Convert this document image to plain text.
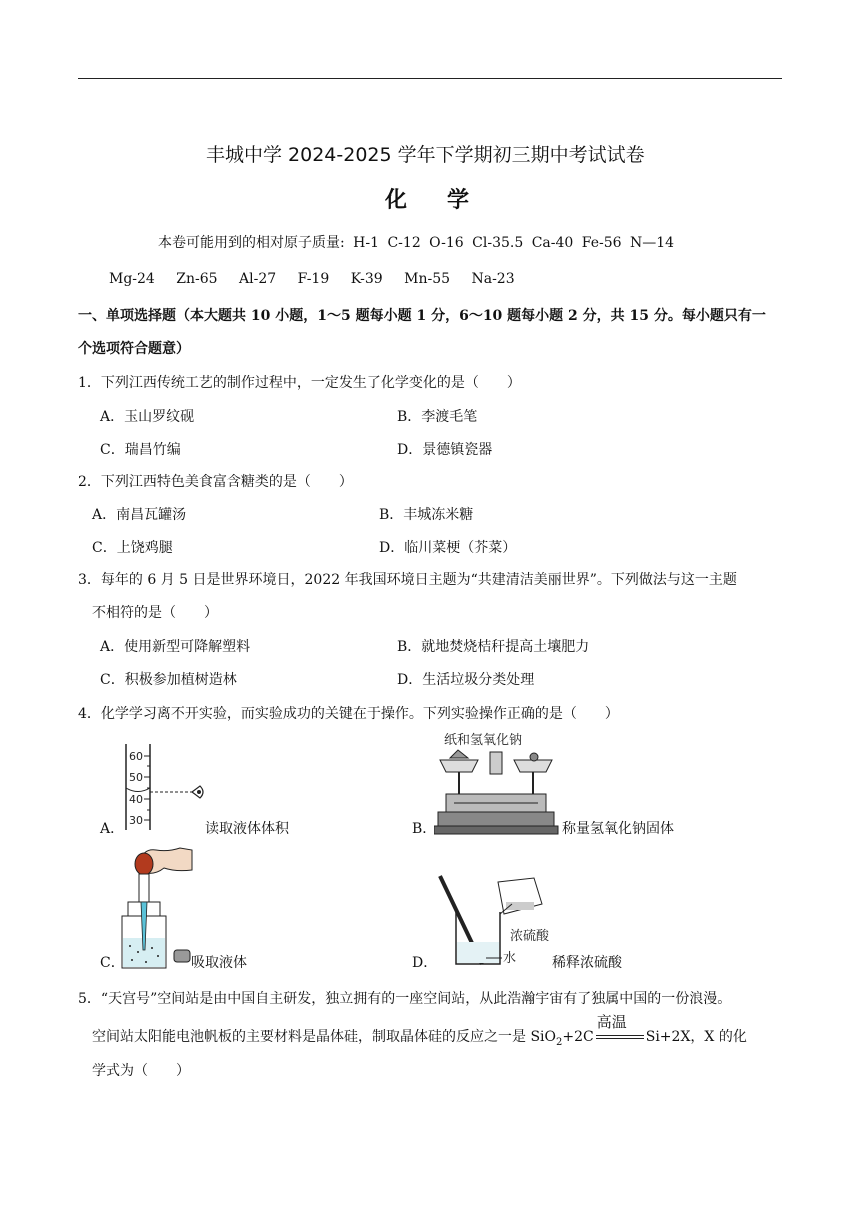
丰城中学 2024-2025 学年下学期初三期中考试试卷
化 学
本卷可能用到的相对原子质量: H-1 C-12 O-16 Cl-35.5 Ca-40 Fe-56 N—14
Mg-24 Zn-65 Al-27 F-19 K-39 Mn-55 Na-23
一、单项选择题（本大题共 10 小题，1～5 题每小题 1 分，6～10 题每小题 2 分，共 15 分。每小题只有一
个选项符合题意）
1．下列江西传统工艺的制作过程中，一定发生了化学变化的是（　　）
A．玉山罗纹砚	B．李渡毛笔
C．瑞昌竹编	D．景德镇瓷器
2．下列江西特色美食富含糖类的是（　　）
A．南昌瓦罐汤	B．丰城冻米糖
C．上饶鸡腿	D．临川菜梗（芥菜）
3．每年的 6 月 5 日是世界环境日，2022 年我国环境日主题为“共建清洁美丽世界”。下列做法与这一主题
不相符的是（　　）
A．使用新型可降解塑料	B．就地焚烧桔秆提高土壤肥力
C．积极参加植树造林	D．生活垃圾分类处理
4．化学学习离不开实验，而实验成功的关键在于操作。下列实验操作正确的是（　　）
60
50
40
30
A．	读取液体体积
纸和氢氧化钠
B．	称量氢氧化钠固体
C．	吸取液体
浓硫酸
水
D．	稀释浓硫酸
5．“天宫号”空间站是由中国自主研发，独立拥有的一座空间站，从此浩瀚宇宙有了独属中国的一份浪漫。
空间站太阳能电池帆板的主要材料是晶体硅，制取晶体硅的反应之一是 SiO$_2$+2C
高温
Si+2X，X 的化
学式为（　　）
